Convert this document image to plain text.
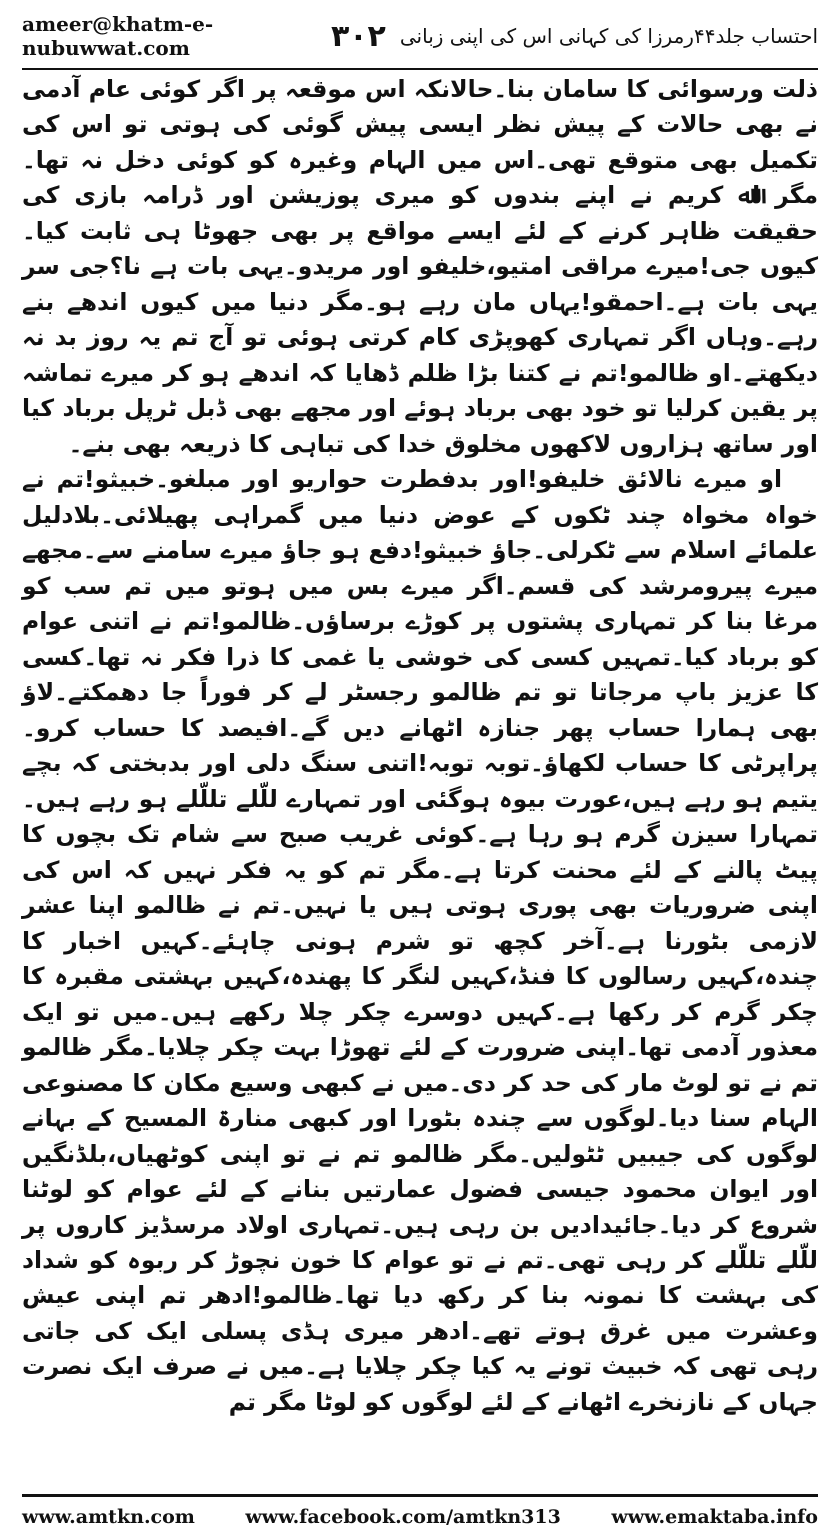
ameer@khatm-e-nubuwwat.com	۳۰۲ احتساب جلد۴۴رمرزا کی کہانی اس کی اپنی زبانی

ذلت ورسوائی کا سامان بنا۔حالانکہ اس موقعہ پر اگر کوئی عام آدمی نے بھی حالات کے پیش نظر ایسی پیش گوئی کی ہوتی تو اس کی تکمیل بھی متوقع تھی۔اس میں الہام وغیرہ کو کوئی دخل نہ تھا۔مگر اﷲ کریم نے اپنے بندوں کو میری پوزیشن اور ڈرامہ بازی کی حقیقت ظاہر کرنے کے لئے ایسے مواقع پر بھی جھوٹا ہی ثابت کیا۔کیوں جی!میرے مراقی امتیو،خلیفو اور مریدو۔یہی بات ہے نا؟جی سر یہی بات ہے۔احمقو!یہاں مان رہے ہو۔مگر دنیا میں کیوں اندھے بنے رہے۔وہاں اگر تمہاری کھوپڑی کام کرتی ہوئی تو آج تم یہ روز بد نہ دیکھتے۔او ظالمو!تم نے کتنا بڑا ظلم ڈھایا کہ اندھے ہو کر میرے تماشہ پر یقین کرلیا تو خود بھی برباد ہوئے اور مجھے بھی ڈبل ٹرپل برباد کیا اور ساتھ ہزاروں لاکھوں مخلوق خدا کی تباہی کا ذریعہ بھی بنے۔

او میرے نالائق خلیفو!اور بدفطرت حواریو اور مبلغو۔خبیثو!تم نے خواہ مخواہ چند ٹکوں کے عوض دنیا میں گمراہی پھیلائی۔بلادلیل علمائے اسلام سے ٹکرلی۔جاؤ خبیثو!دفع ہو جاؤ میرے سامنے سے۔مجھے میرے پیرومرشد کی قسم۔اگر میرے بس میں ہوتو میں تم سب کو مرغا بنا کر تمہاری پشتوں پر کوڑے برساؤں۔ظالمو!تم نے اتنی عوام کو برباد کیا۔تمہیں کسی کی خوشی یا غمی کا ذرا فکر نہ تھا۔کسی کا عزیز باپ مرجاتا تو تم ظالمو رجسٹر لے کر فوراً جا دھمکتے۔لاؤ بھی ہمارا حساب پھر جنازہ اٹھانے دیں گے۔افیصد کا حساب کرو۔پراپرٹی کا حساب لکھاؤ۔توبہ توبہ!اتنی سنگ دلی اور بدبختی کہ بچے یتیم ہو رہے ہیں،عورت بیوہ ہوگئی اور تمہارے للّلے تللّلے ہو رہے ہیں۔تمہارا سیزن گرم ہو رہا ہے۔کوئی غریب صبح سے شام تک بچوں کا پیٹ پالنے کے لئے محنت کرتا ہے۔مگر تم کو یہ فکر نہیں کہ اس کی اپنی ضروریات بھی پوری ہوتی ہیں یا نہیں۔تم نے ظالمو اپنا عشر لازمی بٹورنا ہے۔آخر کچھ تو شرم ہونی چاہئے۔کہیں اخبار کا چندہ،کہیں رسالوں کا فنڈ،کہیں لنگر کا پھندہ،کہیں بہشتی مقبرہ کا چکر گرم کر رکھا ہے۔کہیں دوسرے چکر چلا رکھے ہیں۔میں تو ایک معذور آدمی تھا۔اپنی ضرورت کے لئے تھوڑا بہت چکر چلایا۔مگر ظالمو تم نے تو لوٹ مار کی حد کر دی۔میں نے کبھی وسیع مکان کا مصنوعی الہام سنا دیا۔لوگوں سے چندہ بٹورا اور کبھی منارۃ المسیح کے بہانے لوگوں کی جیبیں ٹٹولیں۔مگر ظالمو تم نے تو اپنی کوٹھیاں،بلڈنگیں اور ایوان محمود جیسی فضول عمارتیں بنانے کے لئے عوام کو لوٹنا شروع کر دیا۔جائیدادیں بن رہی ہیں۔تمہاری اولاد مرسڈیز کاروں پر للّلے تللّلے کر رہی تھی۔تم نے تو عوام کا خون نچوڑ کر ربوہ کو شداد کی بہشت کا نمونہ بنا کر رکھ دیا تھا۔ظالمو!ادھر تم اپنی عیش وعشرت میں غرق ہوتے تھے۔ادھر میری ہڈی پسلی ایک کی جاتی رہی تھی کہ خبیث تونے یہ کیا چکر چلایا ہے۔میں نے صرف ایک نصرت جہاں کے نازنخرے اٹھانے کے لئے لوگوں کو لوٹا مگر تم

www.amtkn.com	www.facebook.com/amtkn313	www.emaktaba.info
